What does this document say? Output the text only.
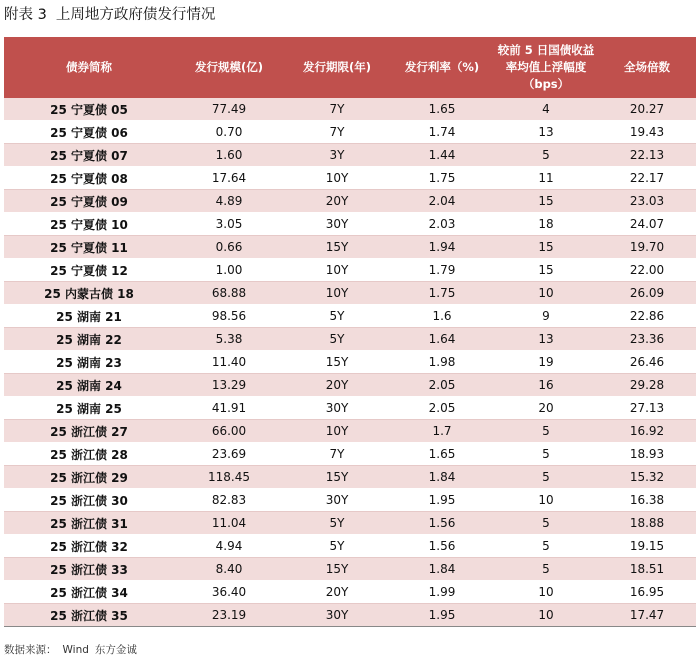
附表 3 上周地方政府债发行情况
债券简称	发行规模(亿)	发行期限(年)	发行利率（%)	较前 5 日国债收益率均值上浮幅度（bps）	全场倍数
25 宁夏债 05	77.49	7Y	1.65	4	20.27
25 宁夏债 06	0.70	7Y	1.74	13	19.43
25 宁夏债 07	1.60	3Y	1.44	5	22.13
25 宁夏债 08	17.64	10Y	1.75	11	22.17
25 宁夏债 09	4.89	20Y	2.04	15	23.03
25 宁夏债 10	3.05	30Y	2.03	18	24.07
25 宁夏债 11	0.66	15Y	1.94	15	19.70
25 宁夏债 12	1.00	10Y	1.79	15	22.00
25 内蒙古债 18	68.88	10Y	1.75	10	26.09
25 湖南 21	98.56	5Y	1.6	9	22.86
25 湖南 22	5.38	5Y	1.64	13	23.36
25 湖南 23	11.40	15Y	1.98	19	26.46
25 湖南 24	13.29	20Y	2.05	16	29.28
25 湖南 25	41.91	30Y	2.05	20	27.13
25 浙江债 27	66.00	10Y	1.7	5	16.92
25 浙江债 28	23.69	7Y	1.65	5	18.93
25 浙江债 29	118.45	15Y	1.84	5	15.32
25 浙江债 30	82.83	30Y	1.95	10	16.38
25 浙江债 31	11.04	5Y	1.56	5	18.88
25 浙江债 32	4.94	5Y	1.56	5	19.15
25 浙江债 33	8.40	15Y	1.84	5	18.51
25 浙江债 34	36.40	20Y	1.99	10	16.95
25 浙江债 35	23.19	30Y	1.95	10	17.47
数据来源： Wind 东方金诚
